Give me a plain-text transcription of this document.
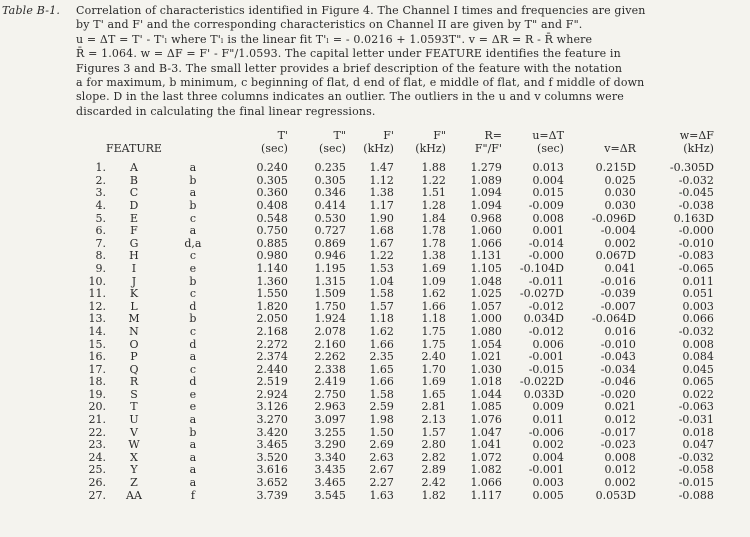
Table B-1. Correlation of characteristics identified in Figure 4. The Channel I times and frequencies are given
by T' and F' and the corresponding characteristics on Channel II are given by T" and F".
u = ΔT = T' - T'ₗ where T'ₗ is the linear fit T'ₗ = - 0.0216 + 1.0593T". v = ΔR = R - R̄ where
R̄ = 1.064. w = ΔF = F' - F"/1.0593. The capital letter under FEATURE identifies the feature in
Figures 3 and B-3. The small letter provides a brief description of the feature with the notation
a for maximum, b minimum, c beginning of flat, d end of flat, e middle of flat, and f middle of down
slope. D in the last three columns indicates an outlier. The outliers in the u and v columns were
discarded in calculating the final linear regressions.
			T'	T"	F'	F"	R=	u=ΔT		w=ΔF
	FEATURE		(sec)	(sec)	(kHz)	(kHz)	F"/F'	(sec)	v=ΔR	(kHz)

1.	A	a	0.240	0.235	1.47	1.88	1.279	0.013	0.215D	-0.305D
2.	B	b	0.305	0.305	1.12	1.22	1.089	0.004	0.025	-0.032
3.	C	a	0.360	0.346	1.38	1.51	1.094	0.015	0.030	-0.045
4.	D	b	0.408	0.414	1.17	1.28	1.094	-0.009	0.030	-0.038
5.	E	c	0.548	0.530	1.90	1.84	0.968	0.008	-0.096D	0.163D
6.	F	a	0.750	0.727	1.68	1.78	1.060	0.001	-0.004	-0.000
7.	G	d,a	0.885	0.869	1.67	1.78	1.066	-0.014	0.002	-0.010
8.	H	c	0.980	0.946	1.22	1.38	1.131	-0.000	0.067D	-0.083
9.	I	e	1.140	1.195	1.53	1.69	1.105	-0.104D	0.041	-0.065
10.	J	b	1.360	1.315	1.04	1.09	1.048	-0.011	-0.016	0.011
11.	K	c	1.550	1.509	1.58	1.62	1.025	-0.027D	-0.039	0.051
12.	L	d	1.820	1.750	1.57	1.66	1.057	-0.012	-0.007	0.003
13.	M	b	2.050	1.924	1.18	1.18	1.000	0.034D	-0.064D	0.066
14.	N	c	2.168	2.078	1.62	1.75	1.080	-0.012	0.016	-0.032
15.	O	d	2.272	2.160	1.66	1.75	1.054	0.006	-0.010	0.008
16.	P	a	2.374	2.262	2.35	2.40	1.021	-0.001	-0.043	0.084
17.	Q	c	2.440	2.338	1.65	1.70	1.030	-0.015	-0.034	0.045
18.	R	d	2.519	2.419	1.66	1.69	1.018	-0.022D	-0.046	0.065
19.	S	e	2.924	2.750	1.58	1.65	1.044	0.033D	-0.020	0.022
20.	T	e	3.126	2.963	2.59	2.81	1.085	0.009	0.021	-0.063
21.	U	a	3.270	3.097	1.98	2.13	1.076	0.011	0.012	-0.031
22.	V	b	3.420	3.255	1.50	1.57	1.047	-0.006	-0.017	0.018
23.	W	a	3.465	3.290	2.69	2.80	1.041	0.002	-0.023	0.047
24.	X	a	3.520	3.340	2.63	2.82	1.072	0.004	0.008	-0.032
25.	Y	a	3.616	3.435	2.67	2.89	1.082	-0.001	0.012	-0.058
26.	Z	a	3.652	3.465	2.27	2.42	1.066	0.003	0.002	-0.015
27.	AA	f	3.739	3.545	1.63	1.82	1.117	0.005	0.053D	-0.088
